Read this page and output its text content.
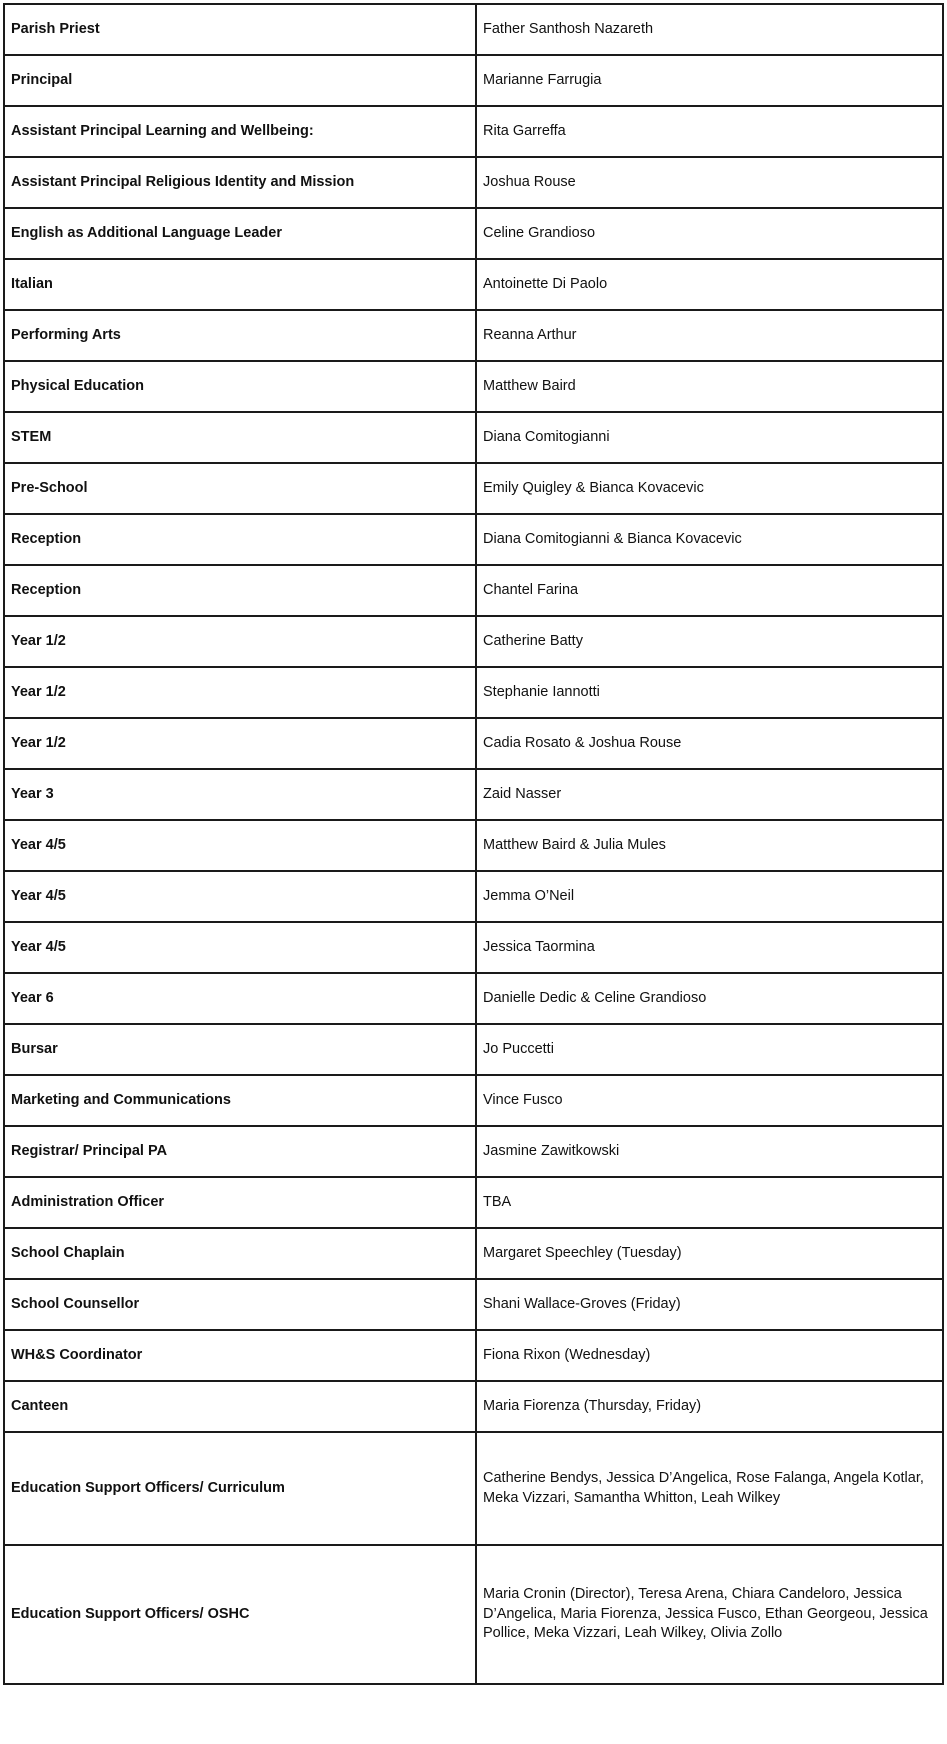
Parish Priest	Father Santhosh Nazareth
Principal	Marianne Farrugia
Assistant Principal Learning and Wellbeing:	Rita Garreffa
Assistant Principal Religious Identity and Mission	Joshua Rouse
English as Additional Language Leader	Celine Grandioso
Italian	Antoinette Di Paolo
Performing Arts	Reanna Arthur
Physical Education	Matthew Baird
STEM	Diana Comitogianni
Pre-School	Emily Quigley & Bianca Kovacevic
Reception	Diana Comitogianni & Bianca Kovacevic
Reception	Chantel Farina
Year 1/2	Catherine Batty
Year 1/2	Stephanie Iannotti
Year 1/2	Cadia Rosato & Joshua Rouse
Year 3	Zaid Nasser
Year 4/5	Matthew Baird & Julia Mules
Year 4/5	Jemma O’Neil
Year 4/5	Jessica Taormina
Year 6	Danielle Dedic & Celine Grandioso
Bursar	Jo Puccetti
Marketing and Communications	Vince Fusco
Registrar/ Principal PA	Jasmine Zawitkowski
Administration Officer	TBA
School Chaplain	Margaret Speechley (Tuesday)
School Counsellor	Shani Wallace-Groves (Friday)
WH&S Coordinator	Fiona Rixon (Wednesday)
Canteen	Maria Fiorenza (Thursday, Friday)
Education Support Officers/ Curriculum	Catherine Bendys, Jessica D’Angelica, Rose Falanga, Angela Kotlar, Meka Vizzari, Samantha Whitton, Leah Wilkey
Education Support Officers/ OSHC	Maria Cronin (Director), Teresa Arena, Chiara Candeloro, Jessica D’Angelica, Maria Fiorenza, Jessica Fusco, Ethan Georgeou, Jessica Pollice, Meka Vizzari, Leah Wilkey, Olivia Zollo
